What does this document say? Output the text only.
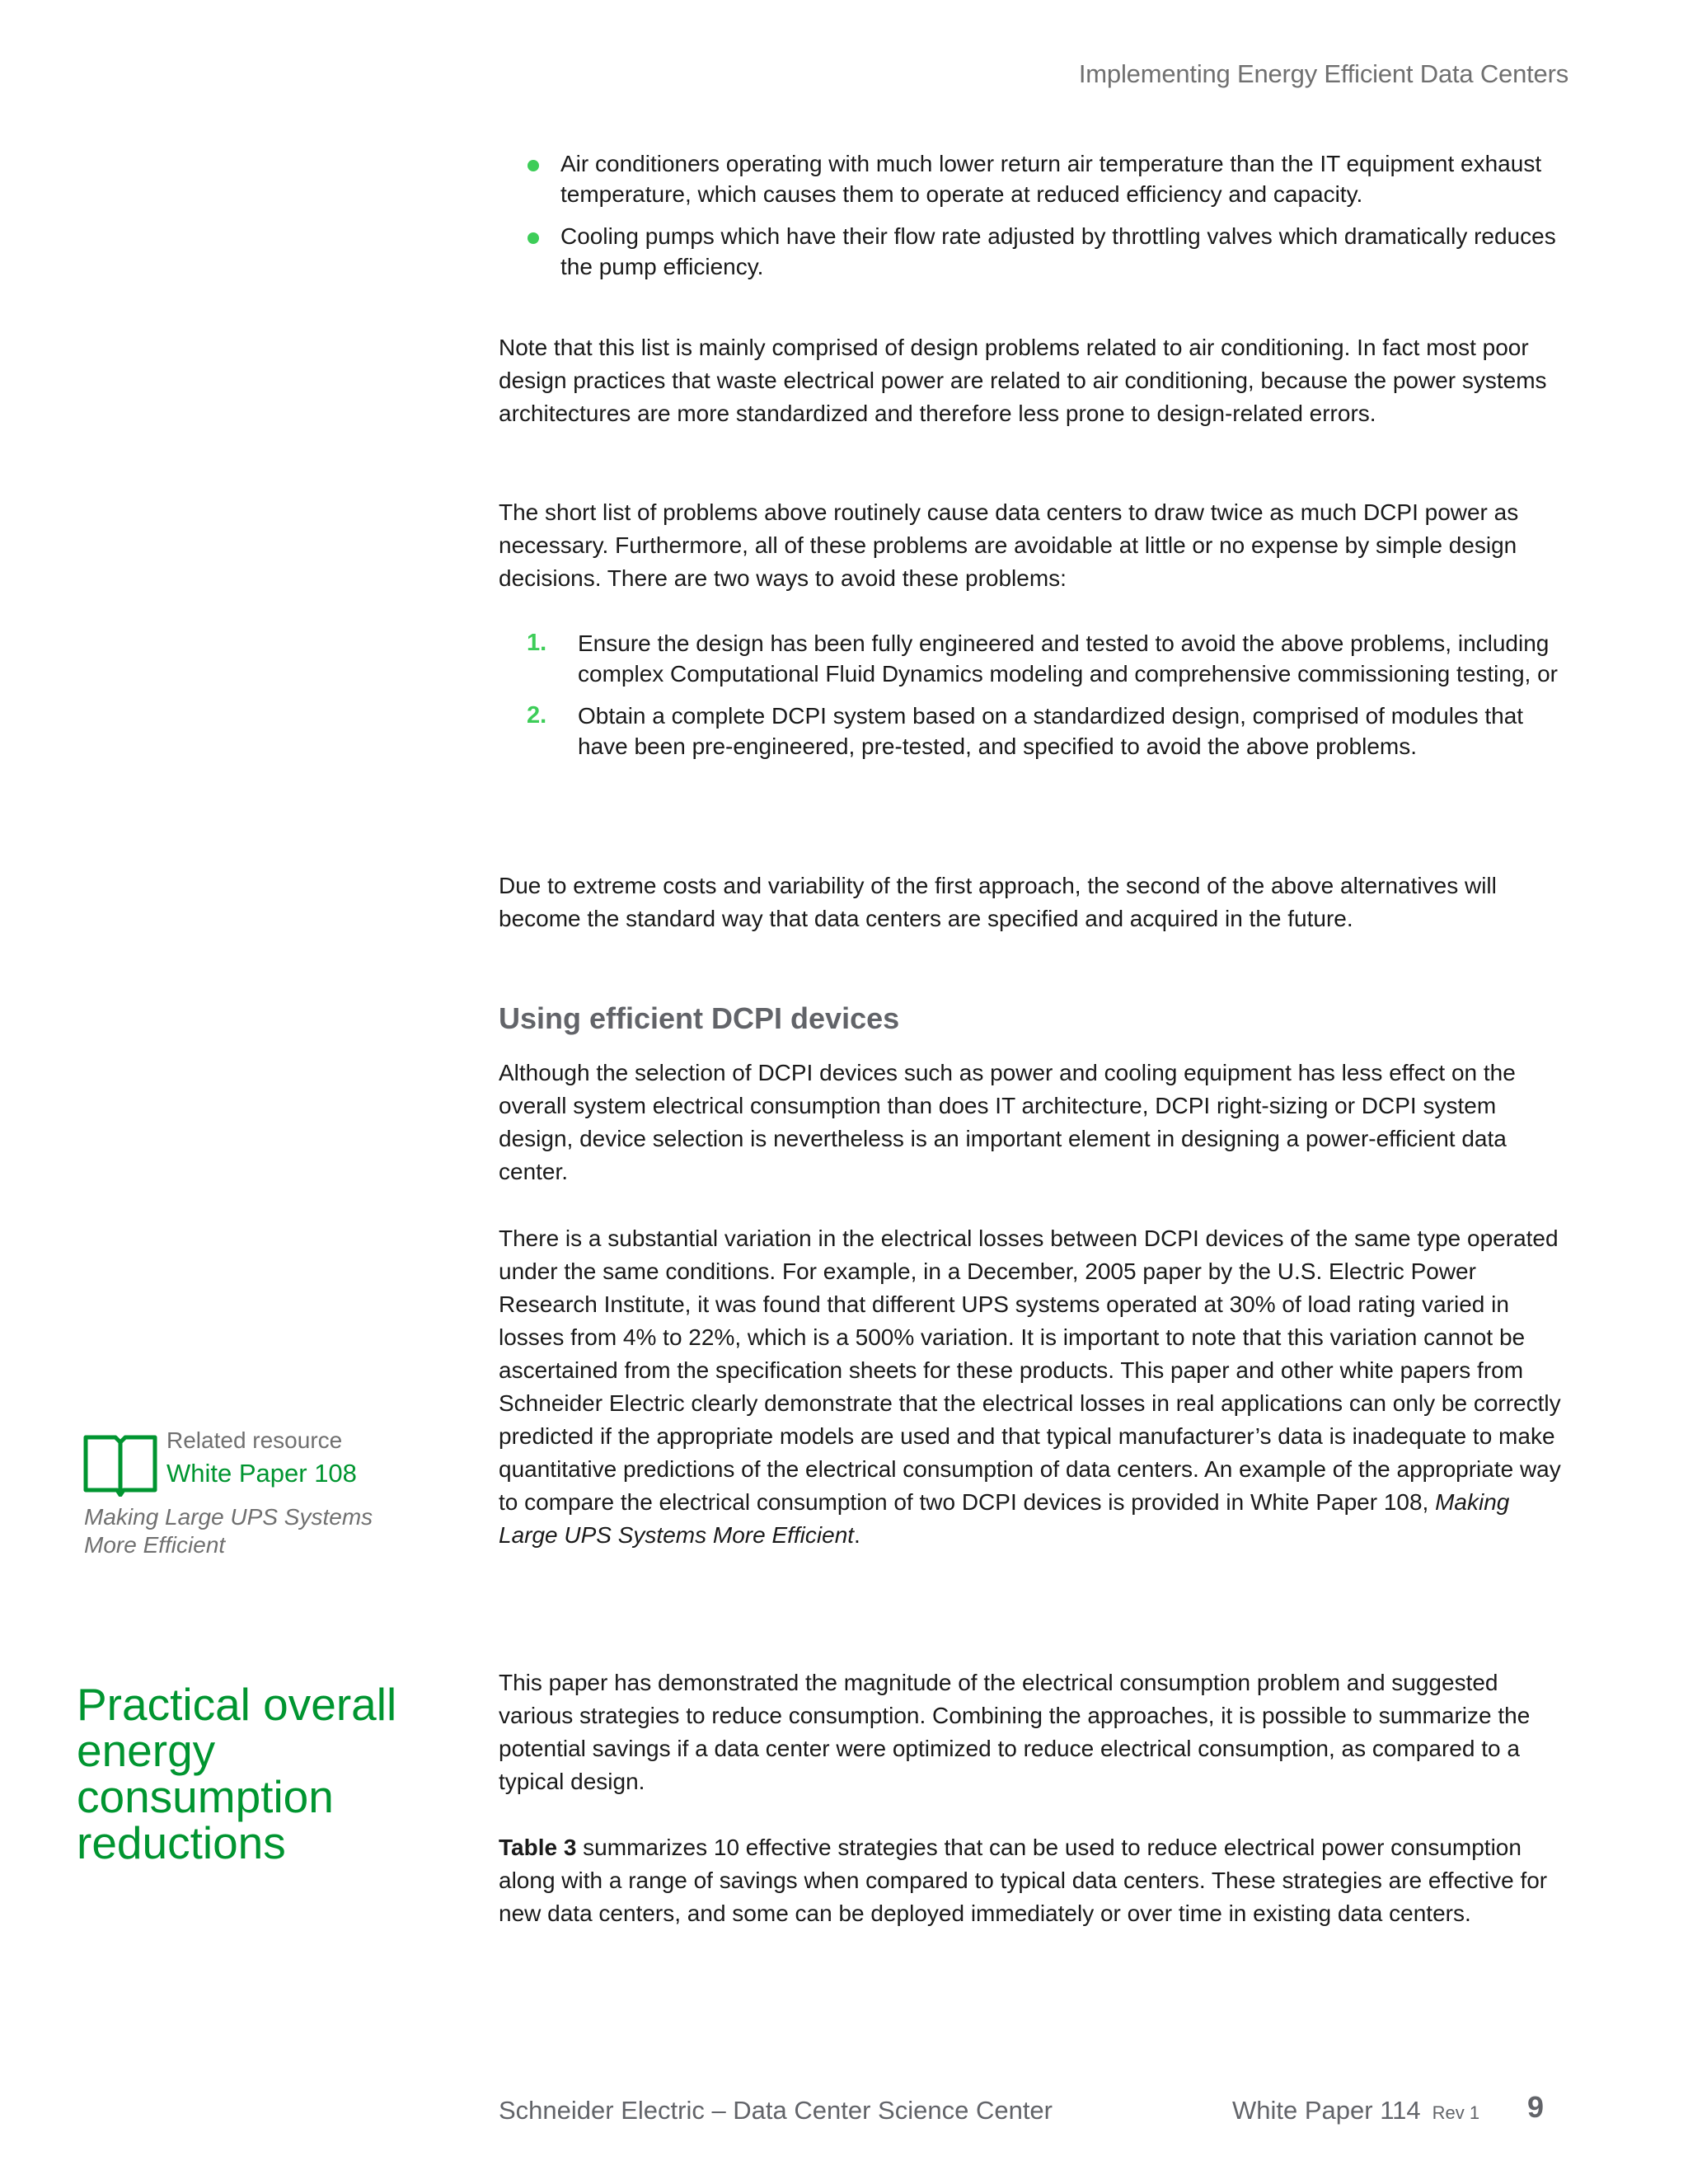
Implementing Energy Efficient Data Centers
Air conditioners operating with much lower return air temperature than the IT equipment exhaust temperature, which causes them to operate at reduced efficiency and capacity.
Cooling pumps which have their flow rate adjusted by throttling valves which dramatically reduces the pump efficiency.

Note that this list is mainly comprised of design problems related to air conditioning. In fact most poor design practices that waste electrical power are related to air conditioning, because the power systems architectures are more standardized and therefore less prone to design-related errors.

The short list of problems above routinely cause data centers to draw twice as much DCPI power as necessary. Furthermore, all of these problems are avoidable at little or no expense by simple design decisions. There are two ways to avoid these problems:

1. Ensure the design has been fully engineered and tested to avoid the above problems, including complex Computational Fluid Dynamics modeling and comprehensive commissioning testing, or
2. Obtain a complete DCPI system based on a standardized design, comprised of modules that have been pre-engineered, pre-tested, and specified to avoid the above problems.

Due to extreme costs and variability of the first approach, the second of the above alternatives will become the standard way that data centers are specified and acquired in the future.

Using efficient DCPI devices

Although the selection of DCPI devices such as power and cooling equipment has less effect on the overall system electrical consumption than does IT architecture, DCPI right-sizing or DCPI system design, device selection is nevertheless is an important element in designing a power-efficient data center.

There is a substantial variation in the electrical losses between DCPI devices of the same type operated under the same conditions. For example, in a December, 2005 paper by the U.S. Electric Power Research Institute, it was found that different UPS systems operated at 30% of load rating varied in losses from 4% to 22%, which is a 500% variation. It is important to note that this variation cannot be ascertained from the specification sheets for these products. This paper and other white papers from Schneider Electric clearly demonstrate that the electrical losses in real applications can only be correctly predicted if the appropriate models are used and that typical manufacturer’s data is inadequate to make quantitative predictions of the electrical consumption of data centers. An example of the appropriate way to compare the electrical consumption of two DCPI devices is provided in White Paper 108, Making Large UPS Systems More Efficient.

Related resource
White Paper 108
Making Large UPS Systems More Efficient
Practical overall energy consumption reductions

This paper has demonstrated the magnitude of the electrical consumption problem and suggested various strategies to reduce consumption. Combining the approaches, it is possible to summarize the potential savings if a data center were optimized to reduce electrical consumption, as compared to a typical design.

Table 3 summarizes 10 effective strategies that can be used to reduce electrical power consumption along with a range of savings when compared to typical data centers. These strategies are effective for new data centers, and some can be deployed immediately or over time in existing data centers.

Schneider Electric – Data Center Science Center	White Paper 114 Rev 1 9
